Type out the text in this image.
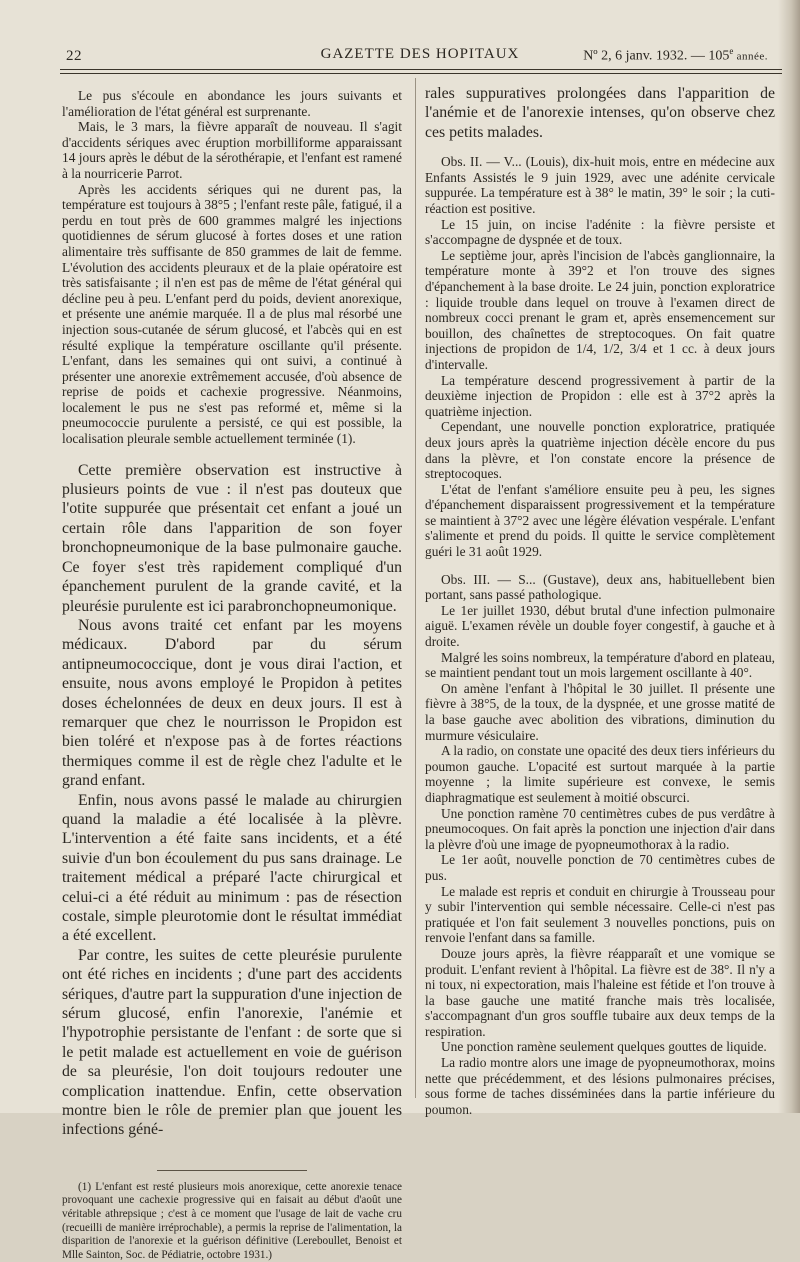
22	GAZETTE DES HOPITAUX	Nº 2, 6 janv. 1932. — 105e année.

Le pus s'écoule en abondance les jours suivants et l'amélioration de l'état général est surprenante.

Mais, le 3 mars, la fièvre apparaît de nouveau. Il s'agit d'accidents sériques avec éruption morbilliforme apparaissant 14 jours après le début de la sérothérapie, et l'enfant est ramené à la nourricerie Parrot.

Après les accidents sériques qui ne durent pas, la température est toujours à 38°5 ; l'enfant reste pâle, fatigué, il a perdu en tout près de 600 grammes malgré les injections quotidiennes de sérum glucosé à fortes doses et une ration alimentaire très suffisante de 850 grammes de lait de femme. L'évolution des accidents pleuraux et de la plaie opératoire est très satisfaisante ; il n'en est pas de même de l'état général qui décline peu à peu. L'enfant perd du poids, devient anorexique, et présente une anémie marquée. Il a de plus mal résorbé une injection sous-cutanée de sérum glucosé, et l'abcès qui en est résulté explique la température oscillante qu'il présente. L'enfant, dans les semaines qui ont suivi, a continué à présenter une anorexie extrêmement accusée, d'où absence de reprise de poids et cachexie progressive. Néanmoins, localement le pus ne s'est pas reformé et, même si la pneumococcie purulente a persisté, ce qui est possible, la localisation pleurale semble actuellement terminée (1).

Cette première observation est instructive à plusieurs points de vue : il n'est pas douteux que l'otite suppurée que présentait cet enfant a joué un certain rôle dans l'apparition de son foyer bronchopneumonique de la base pulmonaire gauche. Ce foyer s'est très rapidement compliqué d'un épanchement purulent de la grande cavité, et la pleurésie purulente est ici parabronchopneumonique.

Nous avons traité cet enfant par les moyens médicaux. D'abord par du sérum antipneumococcique, dont je vous dirai l'action, et ensuite, nous avons employé le Propidon à petites doses échelonnées de deux en deux jours. Il est à remarquer que chez le nourrisson le Propidon est bien toléré et n'expose pas à de fortes réactions thermiques comme il est de règle chez l'adulte et le grand enfant.

Enfin, nous avons passé le malade au chirurgien quand la maladie a été localisée à la plèvre. L'intervention a été faite sans incidents, et a été suivie d'un bon écoulement du pus sans drainage. Le traitement médical a préparé l'acte chirurgical et celui-ci a été réduit au minimum : pas de résection costale, simple pleurotomie dont le résultat immédiat a été excellent.

Par contre, les suites de cette pleurésie purulente ont été riches en incidents ; d'une part des accidents sériques, d'autre part la suppuration d'une injection de sérum glucosé, enfin l'anorexie, l'anémie et l'hypotrophie persistante de l'enfant : de sorte que si le petit malade est actuellement en voie de guérison de sa pleurésie, l'on doit toujours redouter une complication inattendue. Enfin, cette observation montre bien le rôle de premier plan que jouent les infections géné-

(1) L'enfant est resté plusieurs mois anorexique, cette anorexie tenace provoquant une cachexie progressive qui en faisait au début d'août une véritable athrepsique ; c'est à ce moment que l'usage de lait de vache cru (recueilli de manière irréprochable), a permis la reprise de l'alimentation, la disparition de l'anorexie et la guérison définitive (Lereboullet, Benoist et Mlle Sainton, Soc. de Pédiatrie, octobre 1931.)

rales suppuratives prolongées dans l'apparition de l'anémie et de l'anorexie intenses, qu'on observe chez ces petits malades.

Obs. II. — V... (Louis), dix-huit mois, entre en médecine aux Enfants Assistés le 9 juin 1929, avec une adénite cervicale suppurée. La température est à 38° le matin, 39° le soir ; la cuti-réaction est positive.

Le 15 juin, on incise l'adénite : la fièvre persiste et s'accompagne de dyspnée et de toux.

Le septième jour, après l'incision de l'abcès ganglionnaire, la température monte à 39°2 et l'on trouve des signes d'épanchement à la base droite. Le 24 juin, ponction exploratrice : liquide trouble dans lequel on trouve à l'examen direct de nombreux cocci prenant le gram et, après ensemencement sur bouillon, des chaînettes de streptocoques. On fait quatre injections de propidon de 1/4, 1/2, 3/4 et 1 cc. à deux jours d'intervalle.

La température descend progressivement à partir de la deuxième injection de Propidon : elle est à 37°2 après la quatrième injection.

Cependant, une nouvelle ponction exploratrice, pratiquée deux jours après la quatrième injection décèle encore du pus dans la plèvre, et l'on constate encore la présence de streptocoques.

L'état de l'enfant s'améliore ensuite peu à peu, les signes d'épanchement disparaissent progressivement et la température se maintient à 37°2 avec une légère élévation vespérale. L'enfant s'alimente et prend du poids. Il quitte le service complètement guéri le 31 août 1929.

Obs. III. — S... (Gustave), deux ans, habituellebent bien portant, sans passé pathologique.

Le 1er juillet 1930, début brutal d'une infection pulmonaire aiguë. L'examen révèle un double foyer congestif, à gauche et à droite.

Malgré les soins nombreux, la température d'abord en plateau, se maintient pendant tout un mois largement oscillante à 40°.

On amène l'enfant à l'hôpital le 30 juillet. Il présente une fièvre à 38°5, de la toux, de la dyspnée, et une grosse matité de la base gauche avec abolition des vibrations, diminution du murmure vésiculaire.

A la radio, on constate une opacité des deux tiers inférieurs du poumon gauche. L'opacité est surtout marquée à la partie moyenne ; la limite supérieure est convexe, le semis diaphragmatique est seulement à moitié obscurci.

Une ponction ramène 70 centimètres cubes de pus verdâtre à pneumocoques. On fait après la ponction une injection d'air dans la plèvre d'où une image de pyopneumothorax à la radio.

Le 1er août, nouvelle ponction de 70 centimètres cubes de pus.

Le malade est repris et conduit en chirurgie à Trousseau pour y subir l'intervention qui semble nécessaire. Celle-ci n'est pas pratiquée et l'on fait seulement 3 nouvelles ponctions, puis on renvoie l'enfant dans sa famille.

Douze jours après, la fièvre réapparaît et une vomique se produit. L'enfant revient à l'hôpital. La fièvre est de 38°. Il n'y a ni toux, ni expectoration, mais l'haleine est fétide et l'on trouve à la base gauche une matité franche mais très localisée, s'accompagnant d'un gros souffle tubaire aux deux temps de la respiration.

Une ponction ramène seulement quelques gouttes de liquide.

La radio montre alors une image de pyopneumothorax, moins nette que précédemment, et des lésions pulmonaires précises, sous forme de taches disséminées dans la partie inférieure du poumon.
